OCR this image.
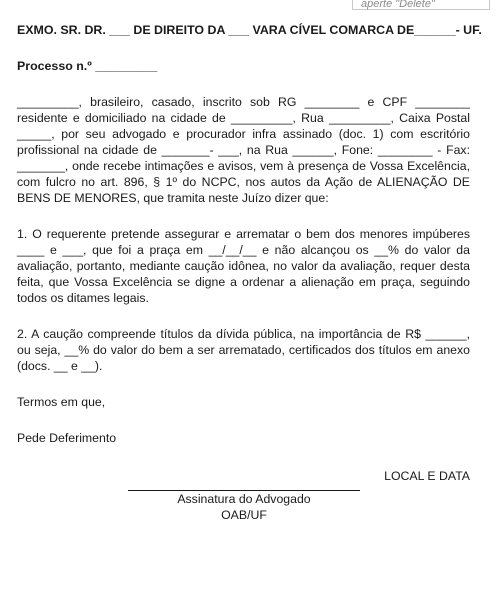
aperte "Delete"

EXMO. SR. DR. ___ DE DIREITO DA ___ VARA CÍVEL COMARCA DE______- UF.

Processo n.º _________

_________, brasileiro, casado, inscrito sob RG ________ e CPF ________ residente e domiciliado na cidade de _________, Rua _________, Caixa Postal _____, por seu advogado e procurador infra assinado (doc. 1) com escritório profissional na cidade de _______- ___, na Rua ______, Fone: ________ - Fax: _______, onde recebe intimações e avisos, vem à presença de Vossa Excelência, com fulcro no art. 896, § 1º do NCPC, nos autos da Ação de ALIENAÇÃO DE BENS DE MENORES, que tramita neste Juízo dizer que:

1. O requerente pretende assegurar e arrematar o bem dos menores impúberes ____ e ___, que foi a praça em __/__/__ e não alcançou os __% do valor da avaliação, portanto, mediante caução idônea, no valor da avaliação, requer desta feita, que Vossa Excelência se digne a ordenar a alienação em praça, seguindo todos os ditames legais.

2. A caução compreende títulos da dívida pública, na importância de R$ ______, ou seja, __% do valor do bem a ser arrematado, certificados dos títulos em anexo (docs. __ e __).

Termos em que,

Pede Deferimento

LOCAL E DATA
Assinatura do Advogado
OAB/UF
